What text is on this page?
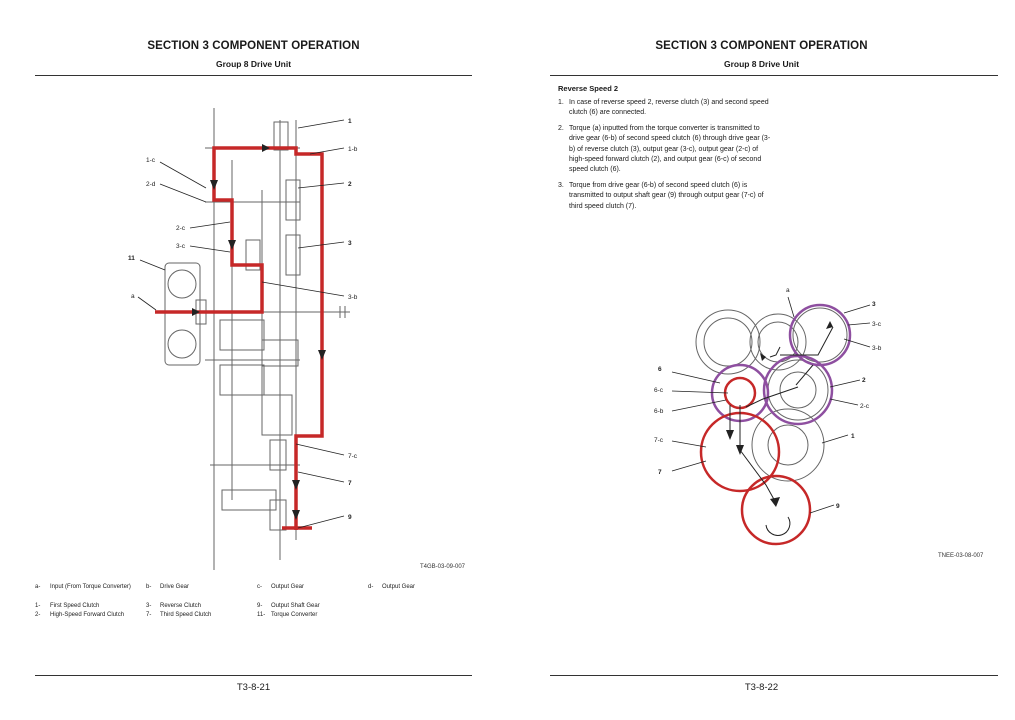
SECTION 3 COMPONENT OPERATION
Group 8 Drive Unit
1
1-b
1-c
2-d	2
2-c
3-c	3
11
a	3-b
7-c
7
9
T4GB-03-09-007
a- Input (From Torque Converter)	b- Drive Gear	c- Output Gear	d- Output Gear
1- First Speed Clutch
2- High-Speed Forward Clutch
3- Reverse Clutch
7- Third Speed Clutch
9- Output Shaft Gear
11- Torque Converter
T3-8-21
SECTION 3 COMPONENT OPERATION
Group 8 Drive Unit
Reverse Speed 2
1. In case of reverse speed 2, reverse clutch (3) and second speed clutch (6) are connected.
2. Torque (a) inputted from the torque converter is transmitted to drive gear (6-b) of second speed clutch (6) through drive gear (3-b) of reverse clutch (3), output gear (3-c), output gear (2-c) of high-speed forward clutch (2), and output gear (6-c) of second speed clutch (6).
3. Torque from drive gear (6-b) of second speed clutch (6) is transmitted to output shaft gear (9) through output gear (7-c) of third speed clutch (7).
a
3
3-c
3-b
6
6-c
2
6-b
2-c
7-c
1
7
9
TNEE-03-08-007
T3-8-22
